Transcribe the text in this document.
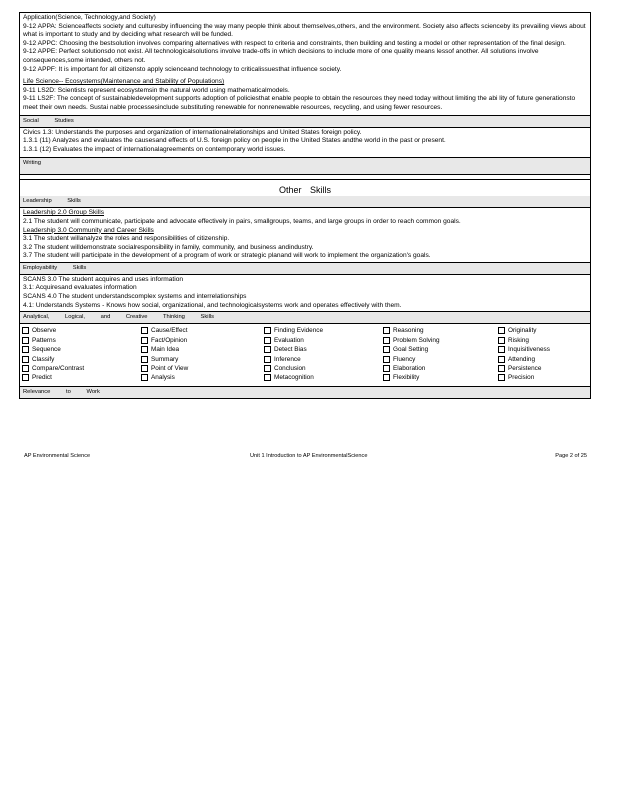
Application(Science, Technology,and Society)

9-12 APPA: Scienceaffects society and culturesby influencing the way many people think about themselves,others, and the environment. Society also affects scienceby its prevailing views about what is important to study and by deciding what research will be funded.

9-12 APPC: Choosing the bestsolution involves comparing alternatives with respect to criteria and constraints, then building and testing a model or other representation of the final design.

9-12 APPE: Perfect solutionsdo not exist. All technologicalsolutions involve trade-offs in which decisions to include more of one quality means lessof another. All solutions involve consequences,some intended, others not.

9-12 APPF: It is important for all citizensto apply scienceand technology to criticalissuesthat influence society.

Life Science-- Ecosystems(Maintenance and Stability of Populations)

9-11 LS2D: Scientists represent ecosystemsin the natural world using mathematicalmodels.

9-11 LS2F: The concept of sustainabledevelopment supports adoption of policiesthat enable people to obtain the resources they need today without limiting the abi lity of future generationsto meet their own needs. Sustai nable processesinclude substituting renewable for nonrenewable resources, recycling, and using fewer resources.

Social Studies

Civics 1.3: Understands the purposes and organization of internationalrelationships and United States foreign policy.

1.3.1 (11) Analyzes and evaluates the causesand effects of U.S. foreign policy on people in the United States andthe world in the past or present.

1.3.1 (12) Evaluates the impact of internationalagreements on contemporary world issues.

Writing
Other Skills
Leadership Skills

Leadership 2.0 Group Skills

2.1 The student will communicate, participate and advocate effectively in pairs, smallgroups, teams, and large groups in order to reach common goals.

Leadership 3.0 Community and Career Skills

3.1 The student willanalyze the roles and responsibilities of citizenship.

3.2 The student willdemonstrate socialresponsibility in family, community, and business andindustry.

3.7 The student will participate in the development of a program of work or strategic planand will work to implement the organization's goals.

Employability Skills

SCANS 3.0 The student acquires and uses information

3.1: Acquiresand evaluates information

SCANS 4.0 The student understandscomplex systems and interrelationships

4.1: Understands Systems - Knows how social, organizational, and technologicalsystems work and operates effectively with them.

Analytical, Logical, and Creative Thinking Skills
Observe
Patterns
Sequence
Classify
Compare/Contrast
Predict
Cause/Effect
Fact/Opinion
Main Idea
Summary
Point of View
Analysis
Finding Evidence
Evaluation
Detect Bias
Inference
Conclusion
Metacognition
Reasoning
Problem Solving
Goal Setting
Fluency
Elaboration
Flexibility
Originality
Risking
Inquisitiveness
Attending
Persistence
Precision
Relevance to Work
AP Environmental Science	Unit 1 Introduction to AP EnvironmentalScience	Page 2 of 25
